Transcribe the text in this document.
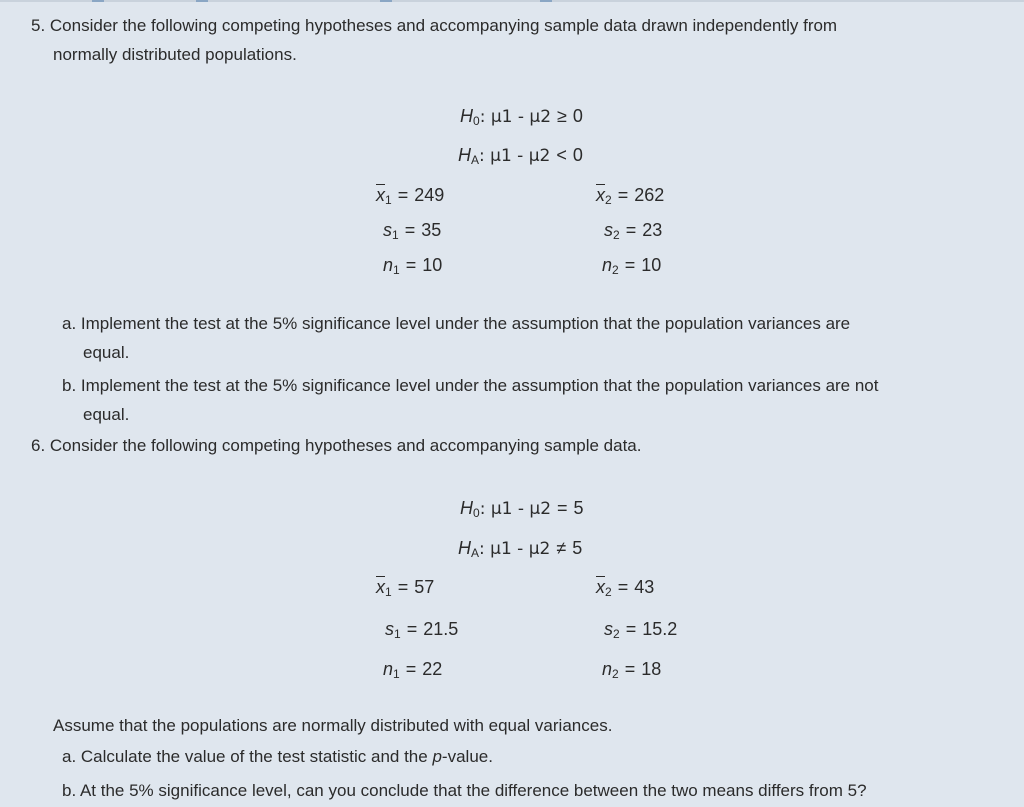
5. Consider the following competing hypotheses and accompanying sample data drawn independently from
normally distributed populations.
$H_0$: μ1 - μ2 ≥ 0
$H_A$: μ1 - μ2 < 0
$\overline{x}_1 = 249$	$\overline{x}_2 = 262$
$s_1 = 35$	$s_2 = 23$
$n_1 = 10$	$n_2 = 10$
a. Implement the test at the 5% significance level under the assumption that the population variances are
equal.
b. Implement the test at the 5% significance level under the assumption that the population variances are not
equal.
6. Consider the following competing hypotheses and accompanying sample data.
$H_0$: μ1 - μ2 = 5
$H_A$: μ1 - μ2 ≠ 5
$\overline{x}_1 = 57$	$\overline{x}_2 = 43$
$s_1 = 21.5$	$s_2 = 15.2$
$n_1 = 22$	$n_2 = 18$
Assume that the populations are normally distributed with equal variances.
a. Calculate the value of the test statistic and the p-value.
b. At the 5% significance level, can you conclude that the difference between the two means differs from 5?
